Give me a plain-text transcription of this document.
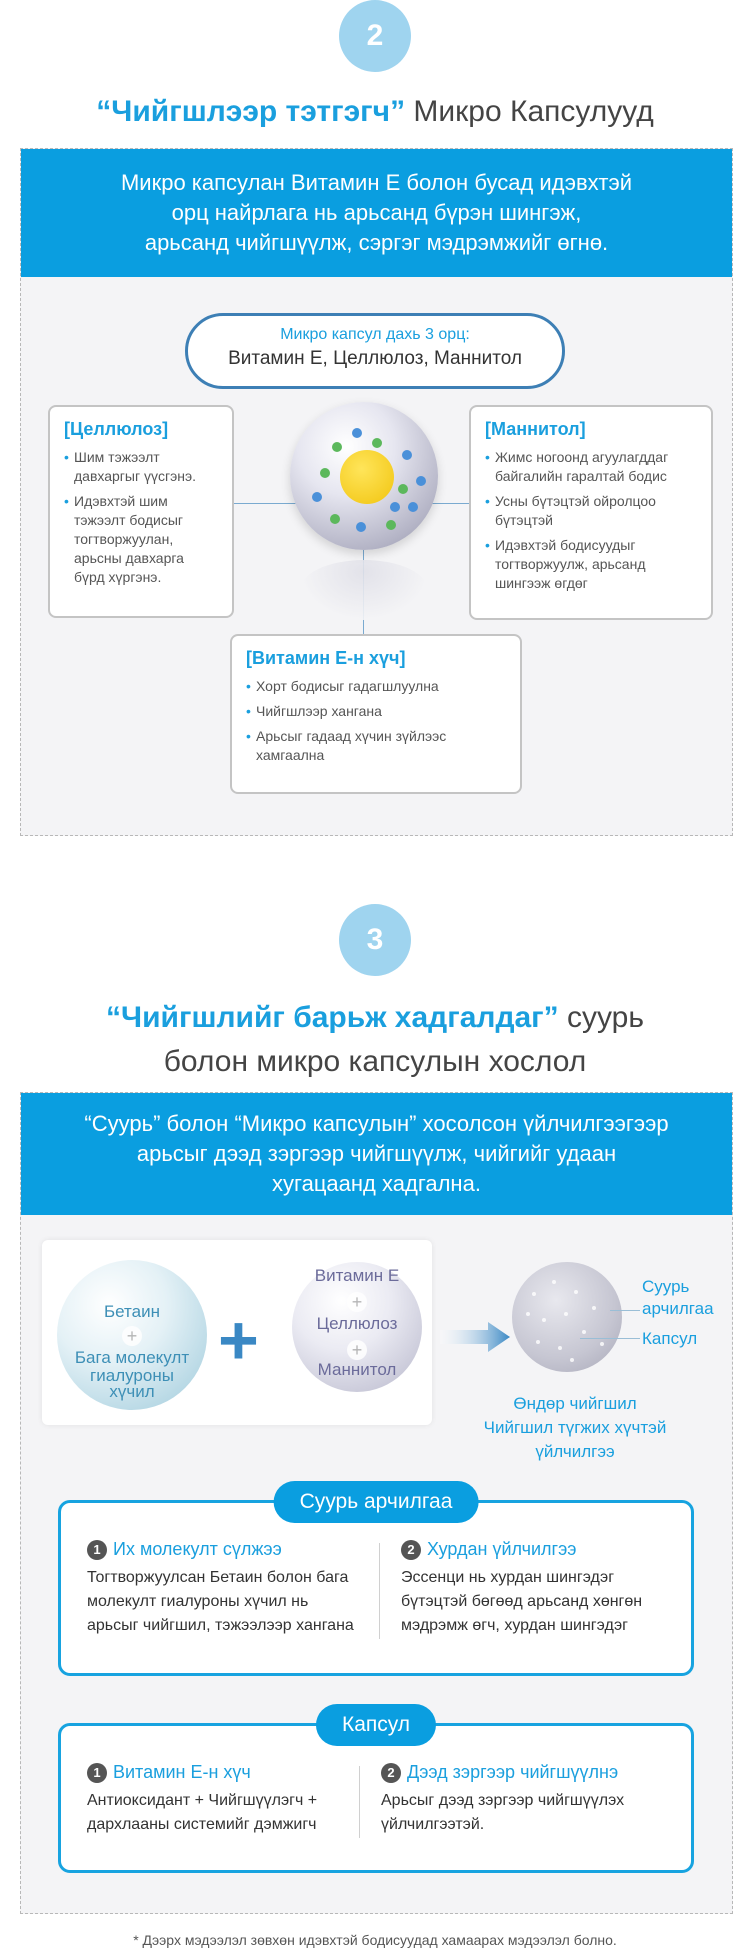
2
“Чийгшлээр тэтгэгч” Микро Капсулууд
Микро капсулан Витамин Е болон бусад идэвхтэй
орц найрлага нь арьсанд бүрэн шингэж,
арьсанд чийгшүүлж, сэргэг мэдрэмжийг өгнө.
Микро капсул дахь 3 орц:
Витамин Е, Целлюлоз, Маннитол
[Целлюлоз]
• Шим тэжээлт давхаргыг үүсгэнэ.
• Идэвхтэй шим тэжээлт бодисыг тогтворжуулан, арьсны давхарга бүрд хүргэнэ.
[Маннитол]
• Жимс ногоонд агуулагддаг байгалийн гаралтай бодис
• Усны бүтэцтэй ойролцоо бүтэцтэй
• Идэвхтэй бодисуудыг тогтворжуулж, арьсанд шингээж өгдөг
[Витамин Е-н хүч]
• Хорт бодисыг гадагшлуулна
• Чийгшлээр хангана
• Арьсыг гадаад хүчин зүйлээс хамгаална
3
“Чийгшлийг барьж хадгалдаг” суурь
болон микро капсулын хослол
“Суурь” болон “Микро капсулын” хосолсон үйлчилгээгээр
арьсыг дээд зэргээр чийгшүүлж, чийгийг удаан
хугацаанд хадгална.
Бетаин
+
Бага молекулт
гиалуроны
хүчил
Витамин Е
+
Целлюлоз
+
Маннитол
+
Суурь
арчилгаа
Капсул
Өндөр чийгшил
Чийгшил түгжих хүчтэй
үйлчилгээ
Суурь арчилгаа
1 Их молекулт сүлжээ

Тогтворжуулсан Бетаин болон бага молекулт гиалуроны хүчил нь арьсыг чийгшил, тэжээлээр хангана

2 Хурдан үйлчилгээ

Эссенци нь хурдан шингэдэг бүтэцтэй бөгөөд арьсанд хөнгөн мэдрэмж өгч, хурдан шингэдэг

Капсул
1 Витамин Е-н хүч

Антиоксидант + Чийгшүүлэгч + дархлааны системийг дэмжигч

2 Дээд зэргээр чийгшүүлнэ

Арьсыг дээд зэргээр чийгшүүлэх үйлчилгээтэй.

* Дээрх мэдээлэл зөвхөн идэвхтэй бодисуудад хамаарах мэдээлэл болно.
